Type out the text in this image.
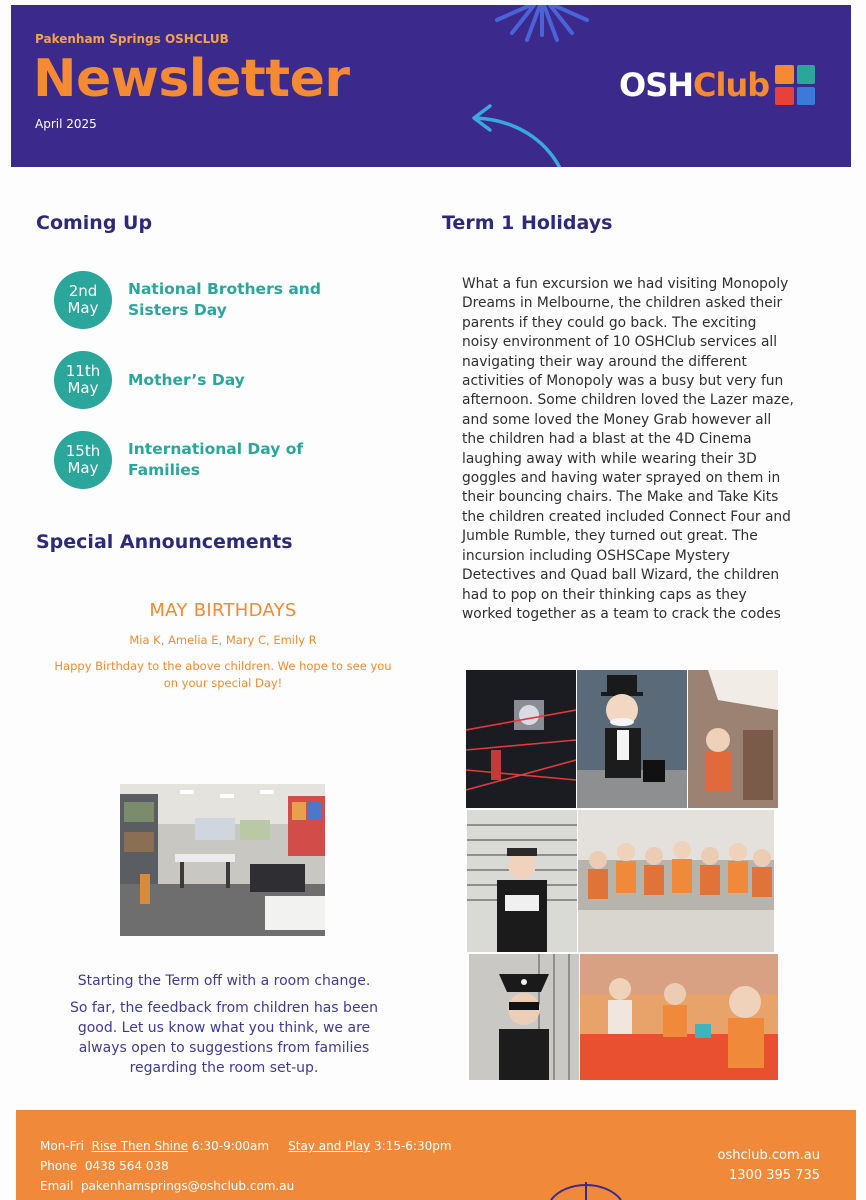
Pakenham Springs OSHCLUB
Newsletter
April 2025
OSHClub
Coming Up
2nd
May
National Brothers and Sisters Day
11th
May Mother’s Day
15th
May
International Day of Families
Special Announcements
MAY BIRTHDAYS
Mia K, Amelia E, Mary C, Emily R
Happy Birthday to the above children. We hope to see you on your special Day!
Starting the Term off with a room change.
So far, the feedback from children has been good. Let us know what you think, we are always open to suggestions from families regarding the room set-up.
Term 1 Holidays
What a fun excursion we had visiting Monopoly Dreams in Melbourne, the children asked their parents if they could go back. The exciting noisy environment of 10 OSHClub services all navigating their way around the different activities of Monopoly was a busy but very fun afternoon. Some children loved the Lazer maze, and some loved the Money Grab however all the children had a blast at the 4D Cinema laughing away with while wearing their 3D goggles and having water sprayed on them in their bouncing chairs. The Make and Take Kits the children created included Connect Four and Jumble Rumble, they turned out great. The incursion including OSHSCape Mystery Detectives and Quad ball Wizard, the children had to pop on their thinking caps as they worked together as a team to crack the codes
Mon-Fri Rise Then Shine 6:30-9:00am Stay and Play 3:15-6:30pm
Phone 0438 564 038
Email pakenhamsprings@oshclub.com.au
oshclub.com.au
1300 395 735
